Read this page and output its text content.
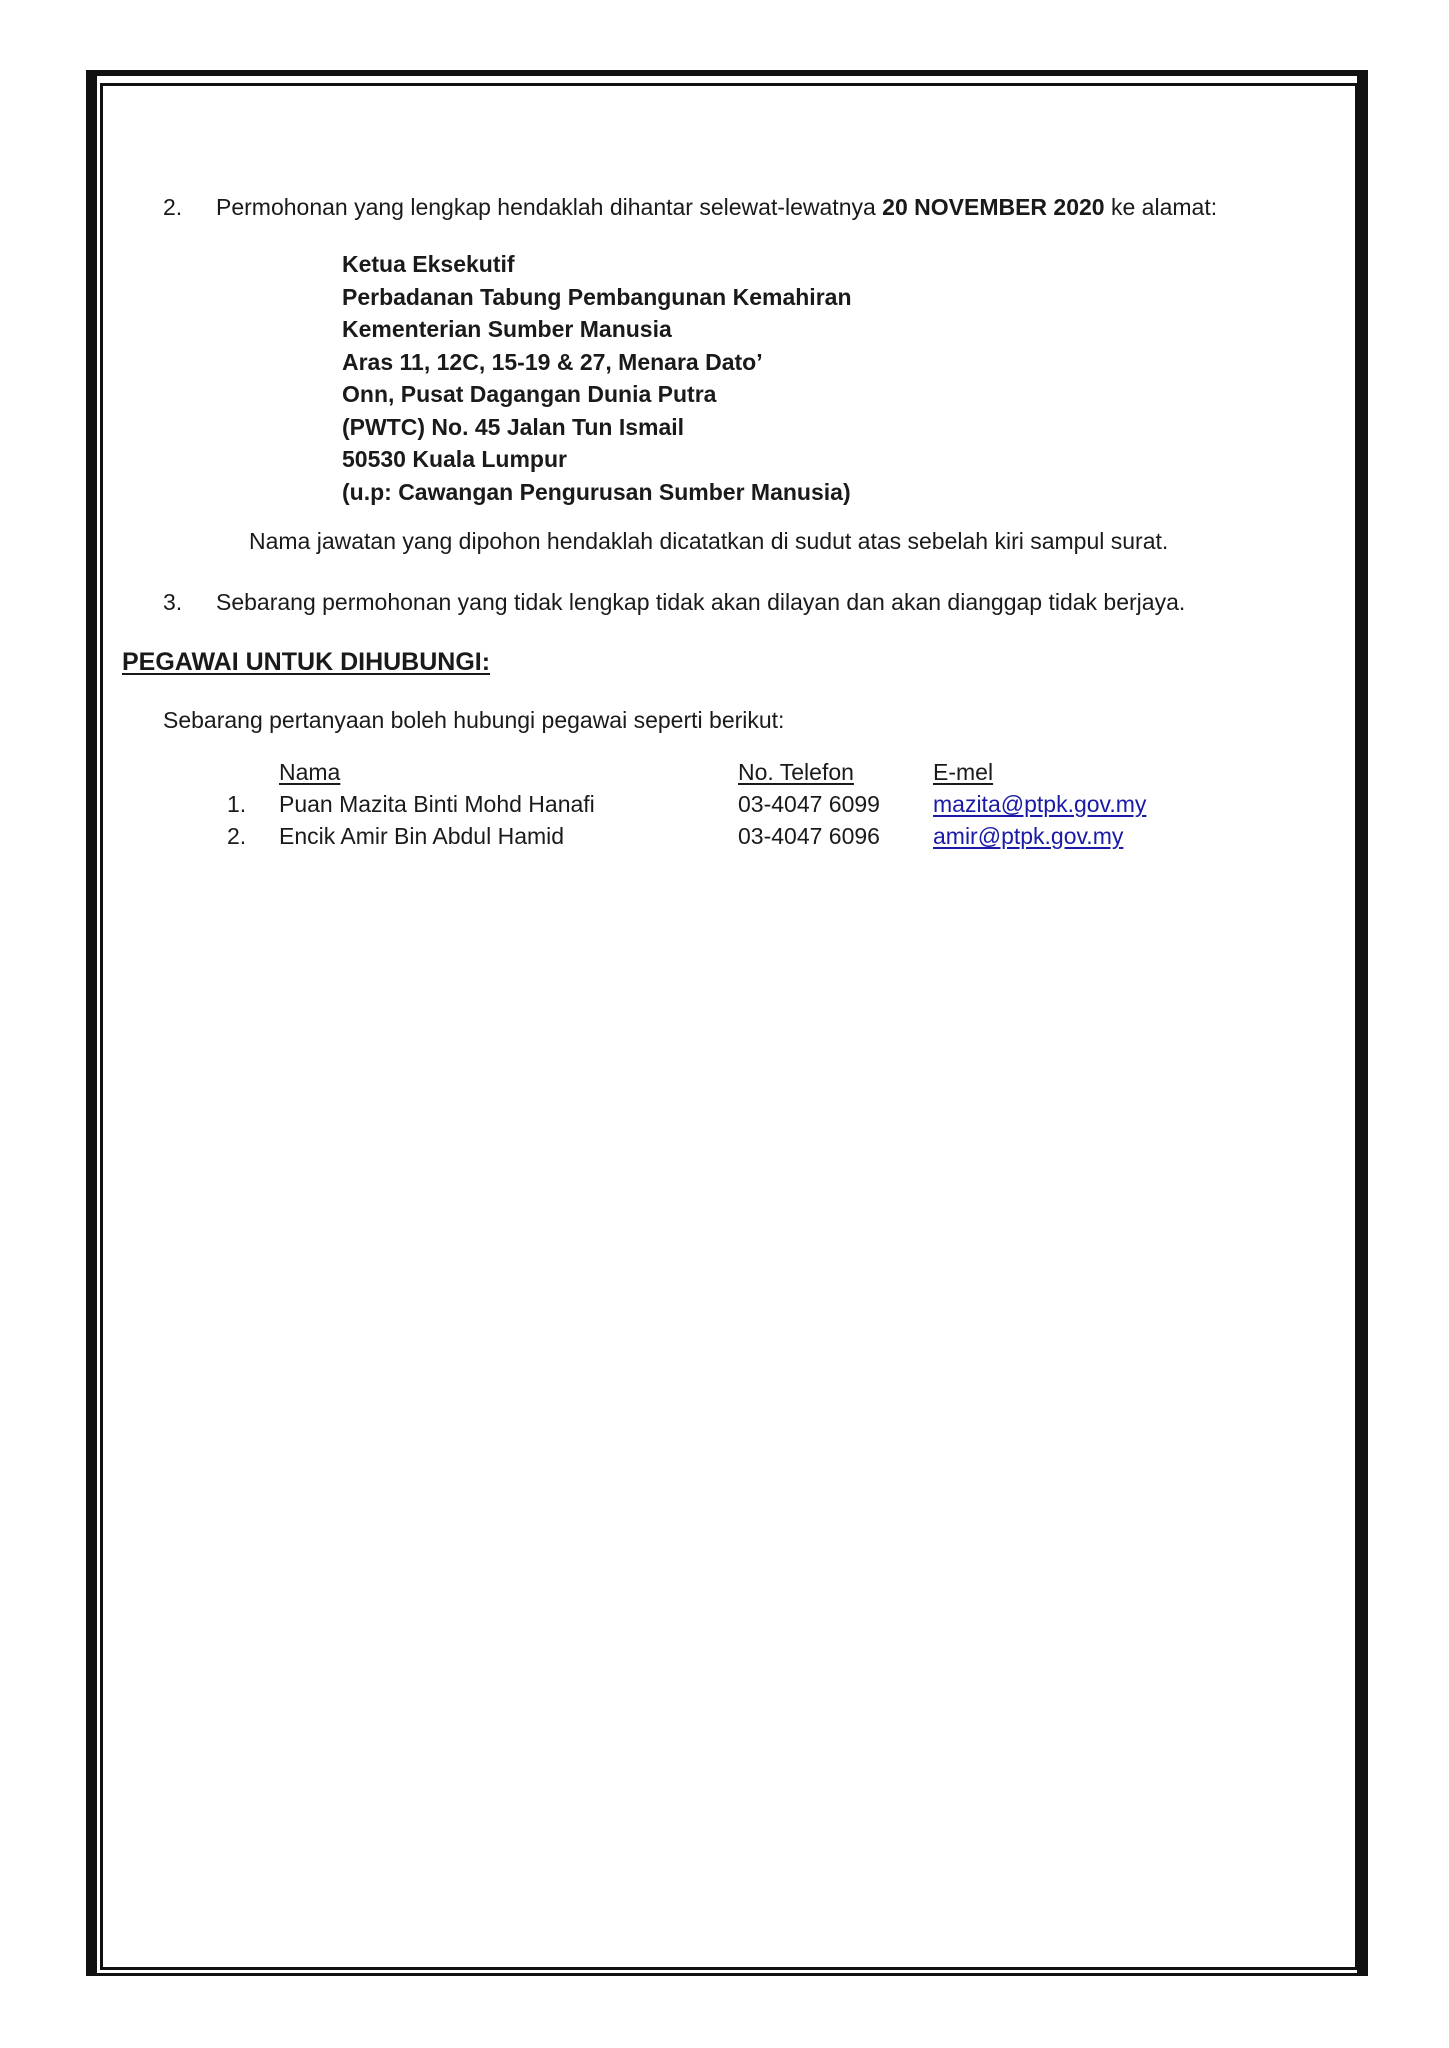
2. Permohonan yang lengkap hendaklah dihantar selewat-lewatnya 20 NOVEMBER 2020 ke alamat:
Ketua Eksekutif
Perbadanan Tabung Pembangunan Kemahiran
Kementerian Sumber Manusia
Aras 11, 12C, 15-19 & 27, Menara Dato’
Onn, Pusat Dagangan Dunia Putra
(PWTC) No. 45 Jalan Tun Ismail
50530 Kuala Lumpur
(u.p: Cawangan Pengurusan Sumber Manusia)
Nama jawatan yang dipohon hendaklah dicatatkan di sudut atas sebelah kiri sampul surat.
3. Sebarang permohonan yang tidak lengkap tidak akan dilayan dan akan dianggap tidak berjaya.
PEGAWAI UNTUK DIHUBUNGI:
Sebarang pertanyaan boleh hubungi pegawai seperti berikut:
Nama	No. Telefon	E-mel
1. Puan Mazita Binti Mohd Hanafi	03-4047 6099 mazita@ptpk.gov.my
2. Encik Amir Bin Abdul Hamid	03-4047 6096 amir@ptpk.gov.my
